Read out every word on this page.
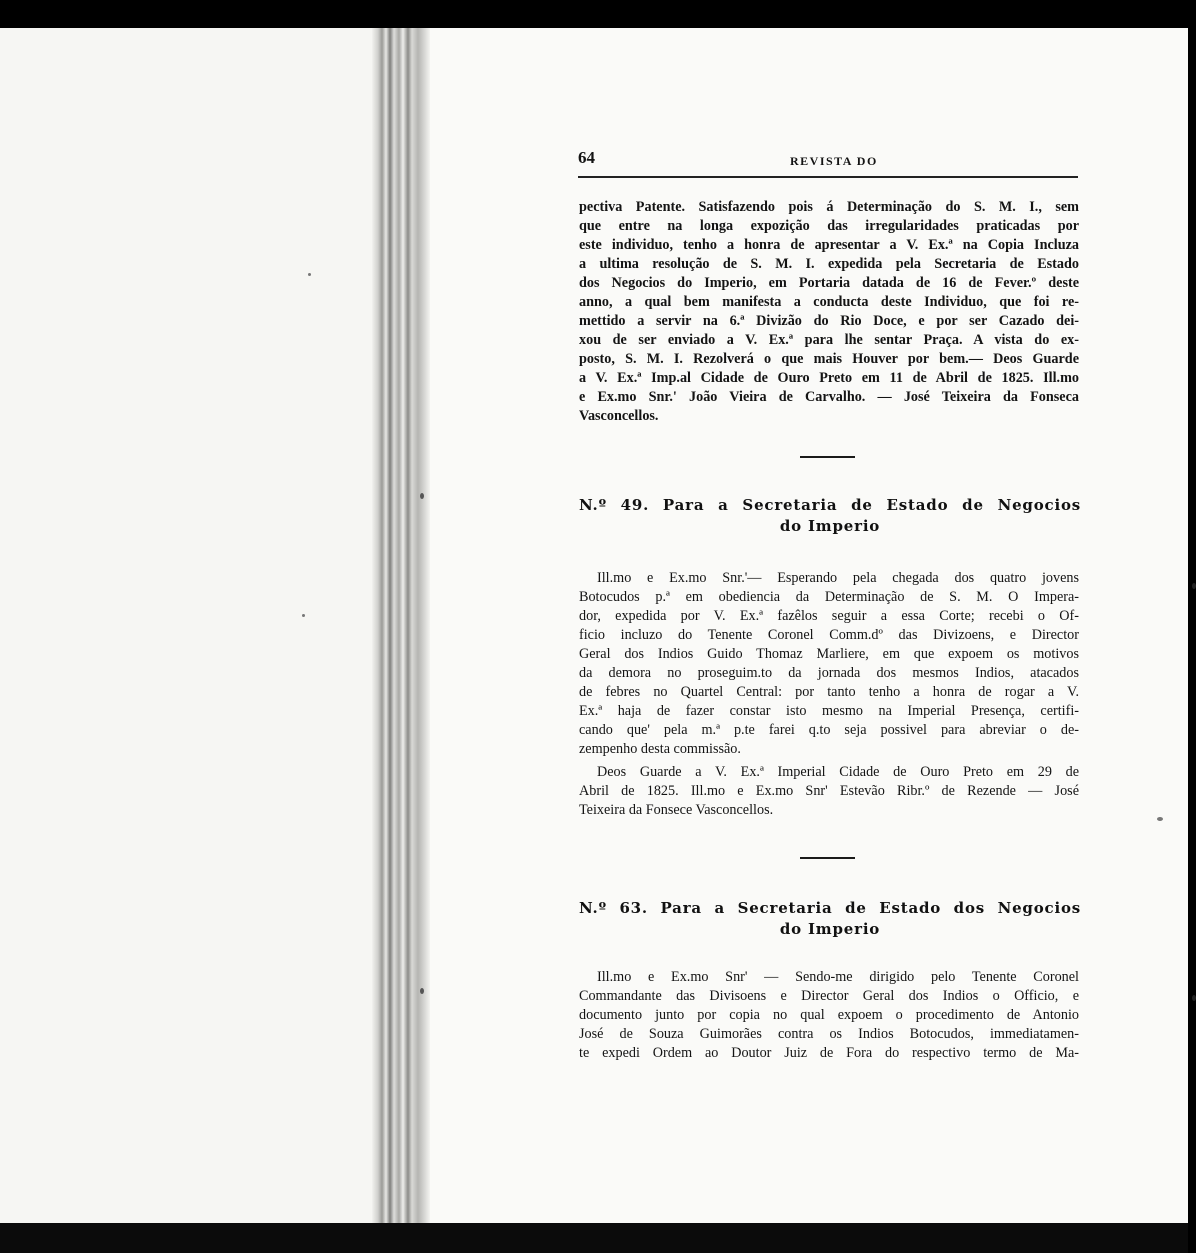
64	REVISTA DO
pectiva Patente. Satisfazendo pois á Determinação do S. M. I., sem
que entre na longa expozição das irregularidades praticadas por
este individuo, tenho a honra de apresentar a V. Ex.ª na Copia Incluza
a ultima resolução de S. M. I. expedida pela Secretaria de Estado
dos Negocios do Imperio, em Portaria datada de 16 de Fever.º deste
anno, a qual bem manifesta a conducta deste Individuo, que foi re-
mettido a servir na 6.ª Divizão do Rio Doce, e por ser Cazado dei-
xou de ser enviado a V. Ex.ª para lhe sentar Praça. A vista do ex-
posto, S. M. I. Rezolverá o que mais Houver por bem.— Deos Guarde
a V. Ex.ª Imp.al Cidade de Ouro Preto em 11 de Abril de 1825. Ill.mo
e Ex.mo Snr.' João Vieira de Carvalho. — José Teixeira da Fonseca
Vasconcellos.
N.º 49. Para a Secretaria de Estado de Negocios
do Imperio
Ill.mo e Ex.mo Snr.'— Esperando pela chegada dos quatro jovens
Botocudos p.ª em obediencia da Determinação de S. M. O Impera-
dor, expedida por V. Ex.ª fazêlos seguir a essa Corte; recebi o Of-
ficio incluzo do Tenente Coronel Comm.dº das Divizoens, e Director
Geral dos Indios Guido Thomaz Marliere, em que expoem os motivos
da demora no proseguim.to da jornada dos mesmos Indios, atacados
de febres no Quartel Central: por tanto tenho a honra de rogar a V.
Ex.ª haja de fazer constar isto mesmo na Imperial Presença, certifi-
cando que' pela m.ª p.te farei q.to seja possivel para abreviar o de-
zempenho desta commissão.
Deos Guarde a V. Ex.ª Imperial Cidade de Ouro Preto em 29 de
Abril de 1825. Ill.mo e Ex.mo Snr' Estevão Ribr.º de Rezende — José
Teixeira da Fonsece Vasconcellos.
N.º 63. Para a Secretaria de Estado dos Negocios
do Imperio
Ill.mo e Ex.mo Snr' — Sendo-me dirigido pelo Tenente Coronel
Commandante das Divisoens e Director Geral dos Indios o Officio, e
documento junto por copia no qual expoem o procedimento de Antonio
José de Souza Guimorães contra os Indios Botocudos, immediatamen-
te expedi Ordem ao Doutor Juiz de Fora do respectivo termo de Ma-
